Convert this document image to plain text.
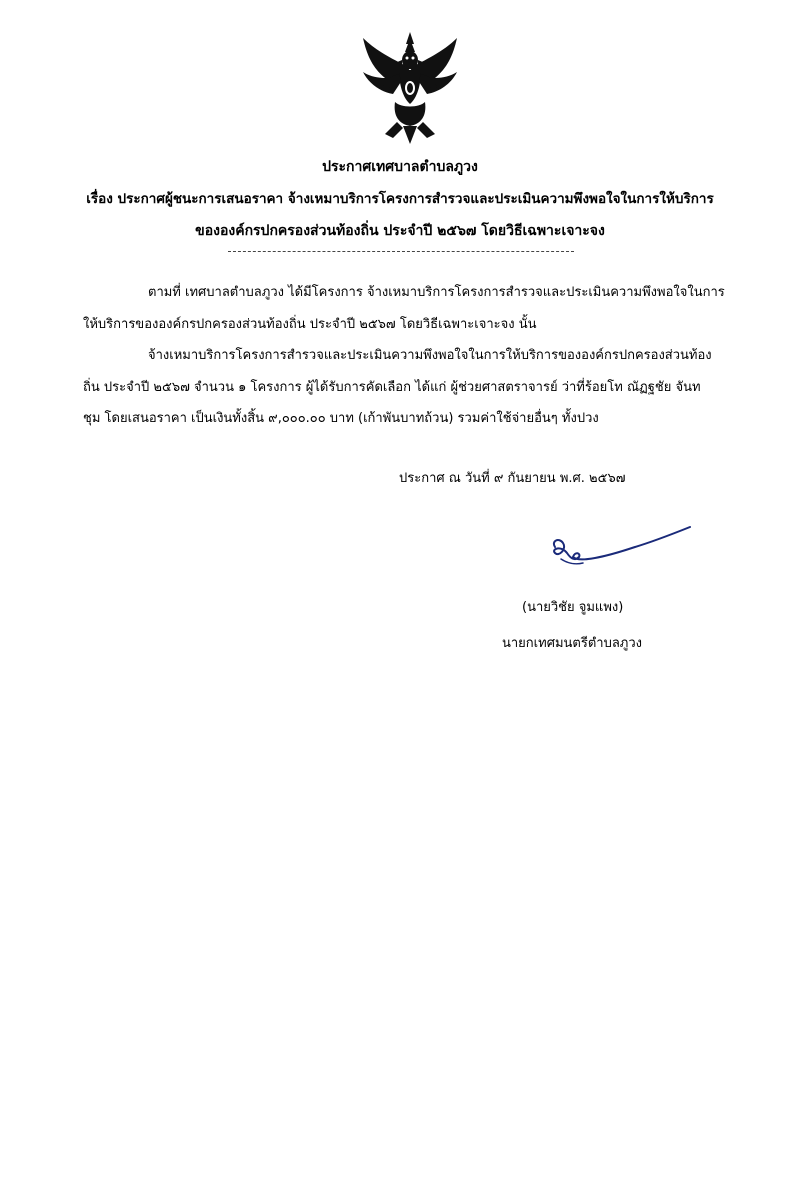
ประกาศเทศบาลตำบลภูวง
เรื่อง ประกาศผู้ชนะการเสนอราคา จ้างเหมาบริการโครงการสำรวจและประเมินความพึงพอใจในการให้บริการ
ขององค์กรปกครองส่วนท้องถิ่น ประจำปี ๒๕๖๗ โดยวิธีเฉพาะเจาะจง
ตามที่ เทศบาลตำบลภูวง ได้มีโครงการ จ้างเหมาบริการโครงการสำรวจและประเมินความพึงพอใจในการ
ให้บริการขององค์กรปกครองส่วนท้องถิ่น ประจำปี ๒๕๖๗ โดยวิธีเฉพาะเจาะจง นั้น
จ้างเหมาบริการโครงการสำรวจและประเมินความพึงพอใจในการให้บริการขององค์กรปกครองส่วนท้อง
ถิ่น ประจำปี ๒๕๖๗ จำนวน ๑ โครงการ ผู้ได้รับการคัดเลือก ได้แก่ ผู้ช่วยศาสตราจารย์ ว่าที่ร้อยโท ณัฏฐชัย จันท
ชุม โดยเสนอราคา เป็นเงินทั้งสิ้น ๙,๐๐๐.๐๐ บาท (เก้าพันบาทถ้วน) รวมค่าใช้จ่ายอื่นๆ ทั้งปวง
ประกาศ ณ วันที่ ๙ กันยายน พ.ศ. ๒๕๖๗
(นายวิชัย จูมแพง)
นายกเทศมนตรีตำบลภูวง
